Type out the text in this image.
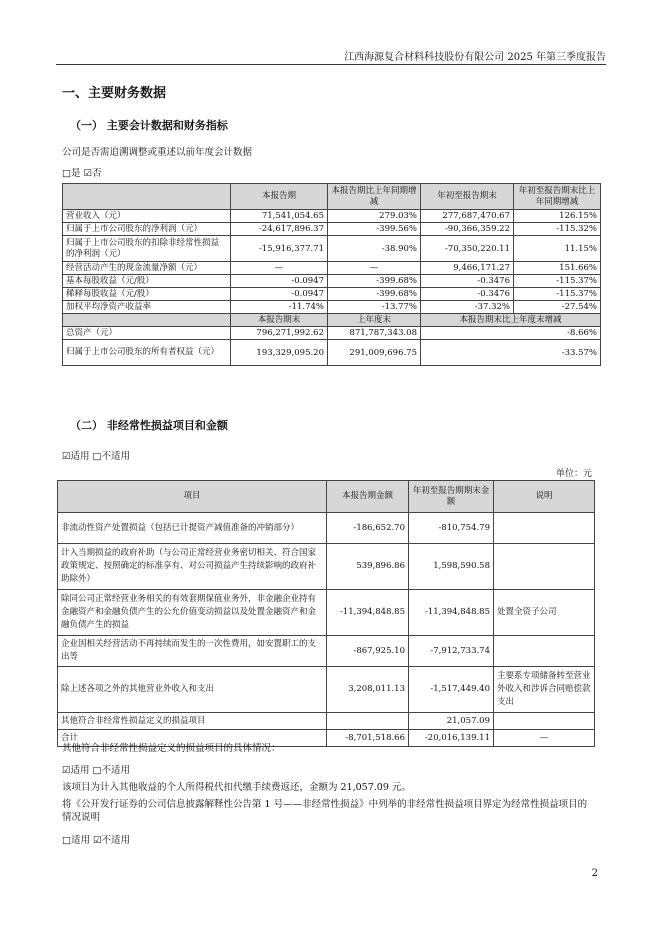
江西海源复合材料科技股份有限公司 2025 年第三季度报告
一、主要财务数据
（一） 主要会计数据和财务指标
公司是否需追溯调整或重述以前年度会计数据
□是 ☑否
	本报告期	本报告期比上年同期增减	年初至报告期末	年初至报告期末比上年同期增减
营业收入（元）	71,541,054.65	279.03%	277,687,470.67	126.15%
归属于上市公司股东的净利润（元）	-24,617,896.37	-399.56%	-90,366,359.22	-115.32%
归属于上市公司股东的扣除非经常性损益的净利润（元）	-15,916,377.71	-38.90%	-70,350,220.11	11.15%
经营活动产生的现金流量净额（元）	—	—	9,466,171.27	151.66%
基本每股收益（元/股）	-0.0947	-399.68%	-0.3476	-115.37%
稀释每股收益（元/股）	-0.0947	-399.68%	-0.3476	-115.37%
加权平均净资产收益率	-11.74%	-13.77%	-37.32%	-27.54%
	本报告期末	上年度末	本报告期末比上年度末增减	
总资产（元）	796,271,992.62	871,787,343.08	-8.66%	
归属于上市公司股东的所有者权益（元）	193,329,095.20	291,009,696.75	-33.57%	
（二） 非经常性损益项目和金额
☑适用 □不适用
单位：元
项目	本报告期金额	年初至报告期期末金额	说明
非流动性资产处置损益（包括已计提资产减值准备的冲销部分）	-186,652.70	-810,754.79	
计入当期损益的政府补助（与公司正常经营业务密切相关、符合国家政策规定、按照确定的标准享有、对公司损益产生持续影响的政府补助除外）	539,896.86	1,598,590.58	
除同公司正常经营业务相关的有效套期保值业务外，非金融企业持有金融资产和金融负债产生的公允价值变动损益以及处置金融资产和金融负债产生的损益	-11,394,848.85	-11,394,848.85	处置全资子公司
企业因相关经营活动不再持续而发生的一次性费用，如安置职工的支出等	-867,925.10	-7,912,733.74	
除上述各项之外的其他营业外收入和支出	3,208,011.13	-1,517,449.40	主要系专项储备转至营业外收入和涉诉合同赔偿款支出
其他符合非经常性损益定义的损益项目		21,057.09	
合计	-8,701,518.66	-20,016,139.11	—
其他符合非经常性损益定义的损益项目的具体情况：
☑适用 □不适用
该项目为计入其他收益的个人所得税代扣代缴手续费返还，金额为 21,057.09 元。
将《公开发行证券的公司信息披露解释性公告第 1 号——非经常性损益》中列举的非经常性损益项目界定为经常性损益项目的情况说明
□适用 ☑不适用
2
